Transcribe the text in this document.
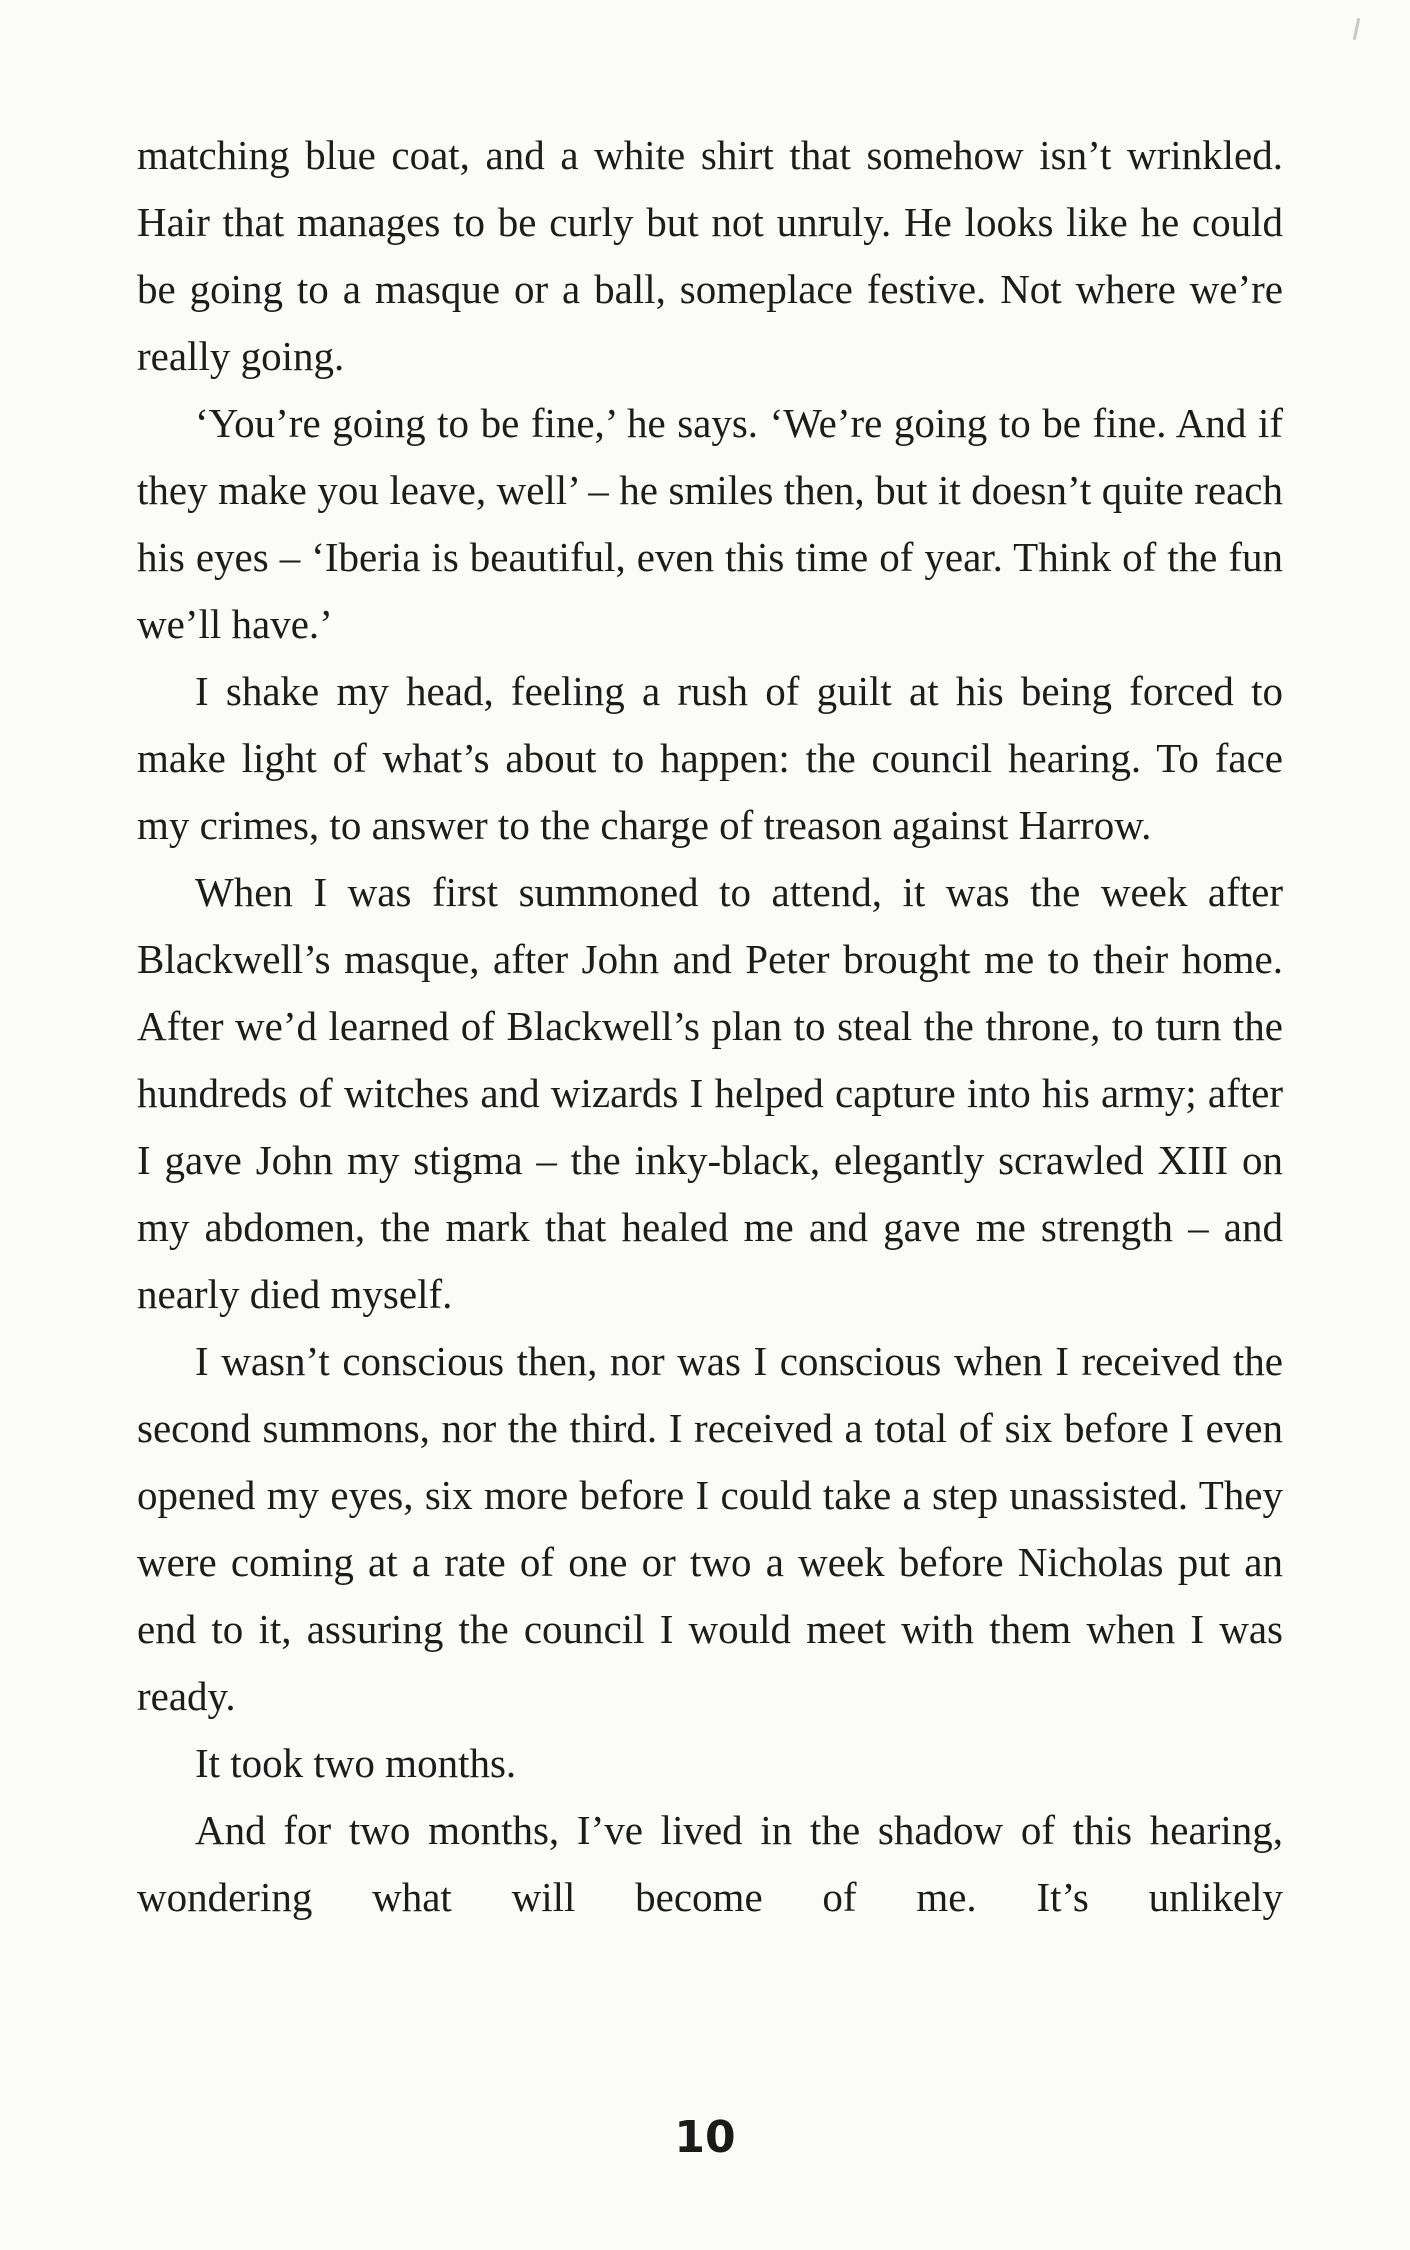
matching blue coat, and a white shirt that somehow isn’t wrinkled. Hair that manages to be curly but not unruly. He looks like he could be going to a masque or a ball, someplace festive. Not where we’re really going.

‘You’re going to be fine,’ he says. ‘We’re going to be fine. And if they make you leave, well’ – he smiles then, but it doesn’t quite reach his eyes – ‘Iberia is beautiful, even this time of year. Think of the fun we’ll have.’

I shake my head, feeling a rush of guilt at his being forced to make light of what’s about to happen: the council hearing. To face my crimes, to answer to the charge of treason against Harrow.

When I was first summoned to attend, it was the week after Blackwell’s masque, after John and Peter brought me to their home. After we’d learned of Blackwell’s plan to steal the throne, to turn the hundreds of witches and wizards I helped capture into his army; after I gave John my stigma – the inky-black, elegantly scrawled XIII on my abdomen, the mark that healed me and gave me strength – and nearly died myself.

I wasn’t conscious then, nor was I conscious when I received the second summons, nor the third. I received a total of six before I even opened my eyes, six more before I could take a step unassisted. They were coming at a rate of one or two a week before Nicholas put an end to it, assuring the council I would meet with them when I was ready.

It took two months.

And for two months, I’ve lived in the shadow of this hearing, wondering what will become of me. It’s unlikely

10
